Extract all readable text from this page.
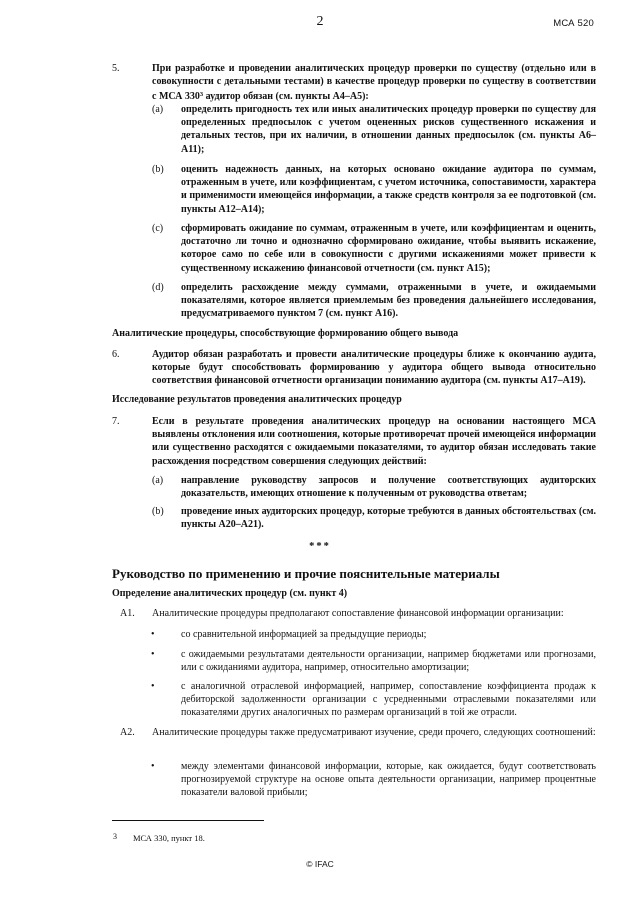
2	МСА 520
5.	При разработке и проведении аналитических процедур проверки по существу (отдельно или в совокупности с детальными тестами) в качестве процедур проверки по существу в соответствии с МСА $330^3$ аудитор обязан (см. пункты А4–А5):
(a) определить пригодность тех или иных аналитических процедур проверки по существу для определенных предпосылок с учетом оцененных рисков существенного искажения и детальных тестов, при их наличии, в отношении данных предпосылок (см. пункты А6–А11);
(b) оценить надежность данных, на которых основано ожидание аудитора по суммам, отраженным в учете, или коэффициентам, с учетом источника, сопоставимости, характера и применимости имеющейся информации, а также средств контроля за ее подготовкой (см. пункты А12–А14);
(c) сформировать ожидание по суммам, отраженным в учете, или коэффициентам и оценить, достаточно ли точно и однозначно сформировано ожидание, чтобы выявить искажение, которое само по себе или в совокупности с другими искажениями может привести к существенному искажению финансовой отчетности (см. пункт А15);
(d) определить расхождение между суммами, отраженными в учете, и ожидаемыми показателями, которое является приемлемым без проведения дальнейшего исследования, предусматриваемого пунктом 7 (см. пункт А16).
Аналитические процедуры, способствующие формированию общего вывода
6.	Аудитор обязан разработать и провести аналитические процедуры ближе к окончанию аудита, которые будут способствовать формированию у аудитора общего вывода относительно соответствия финансовой отчетности организации пониманию аудитора (см. пункты А17–А19).
Исследование результатов проведения аналитических процедур
7.	Если в результате проведения аналитических процедур на основании настоящего МСА выявлены отклонения или соотношения, которые противоречат прочей имеющейся информации или существенно расходятся с ожидаемыми показателями, то аудитор обязан исследовать такие расхождения посредством совершения следующих действий:
(a) направление руководству запросов и получение соответствующих аудиторских доказательств, имеющих отношение к полученным от руководства ответам;
(b) проведение иных аудиторских процедур, которые требуются в данных обстоятельствах (см. пункты А20–А21).
***
Руководство по применению и прочие пояснительные материалы
Определение аналитических процедур (см. пункт 4)
А1. Аналитические процедуры предполагают сопоставление финансовой информации организации:
•	со сравнительной информацией за предыдущие периоды;
•	с ожидаемыми результатами деятельности организации, например бюджетами или прогнозами, или с ожиданиями аудитора, например, относительно амортизации;
•	с аналогичной отраслевой информацией, например, сопоставление коэффициента продаж к дебиторской задолженности организации с усредненными отраслевыми показателями или показателями других аналогичных по размерам организаций в той же отрасли.
А2. Аналитические процедуры также предусматривают изучение, среди прочего, следующих соотношений:
•	между элементами финансовой информации, которые, как ожидается, будут соответствовать прогнозируемой структуре на основе опыта деятельности организации, например процентные показатели валовой прибыли;
3 МСА 330, пункт 18.
© IFAC
